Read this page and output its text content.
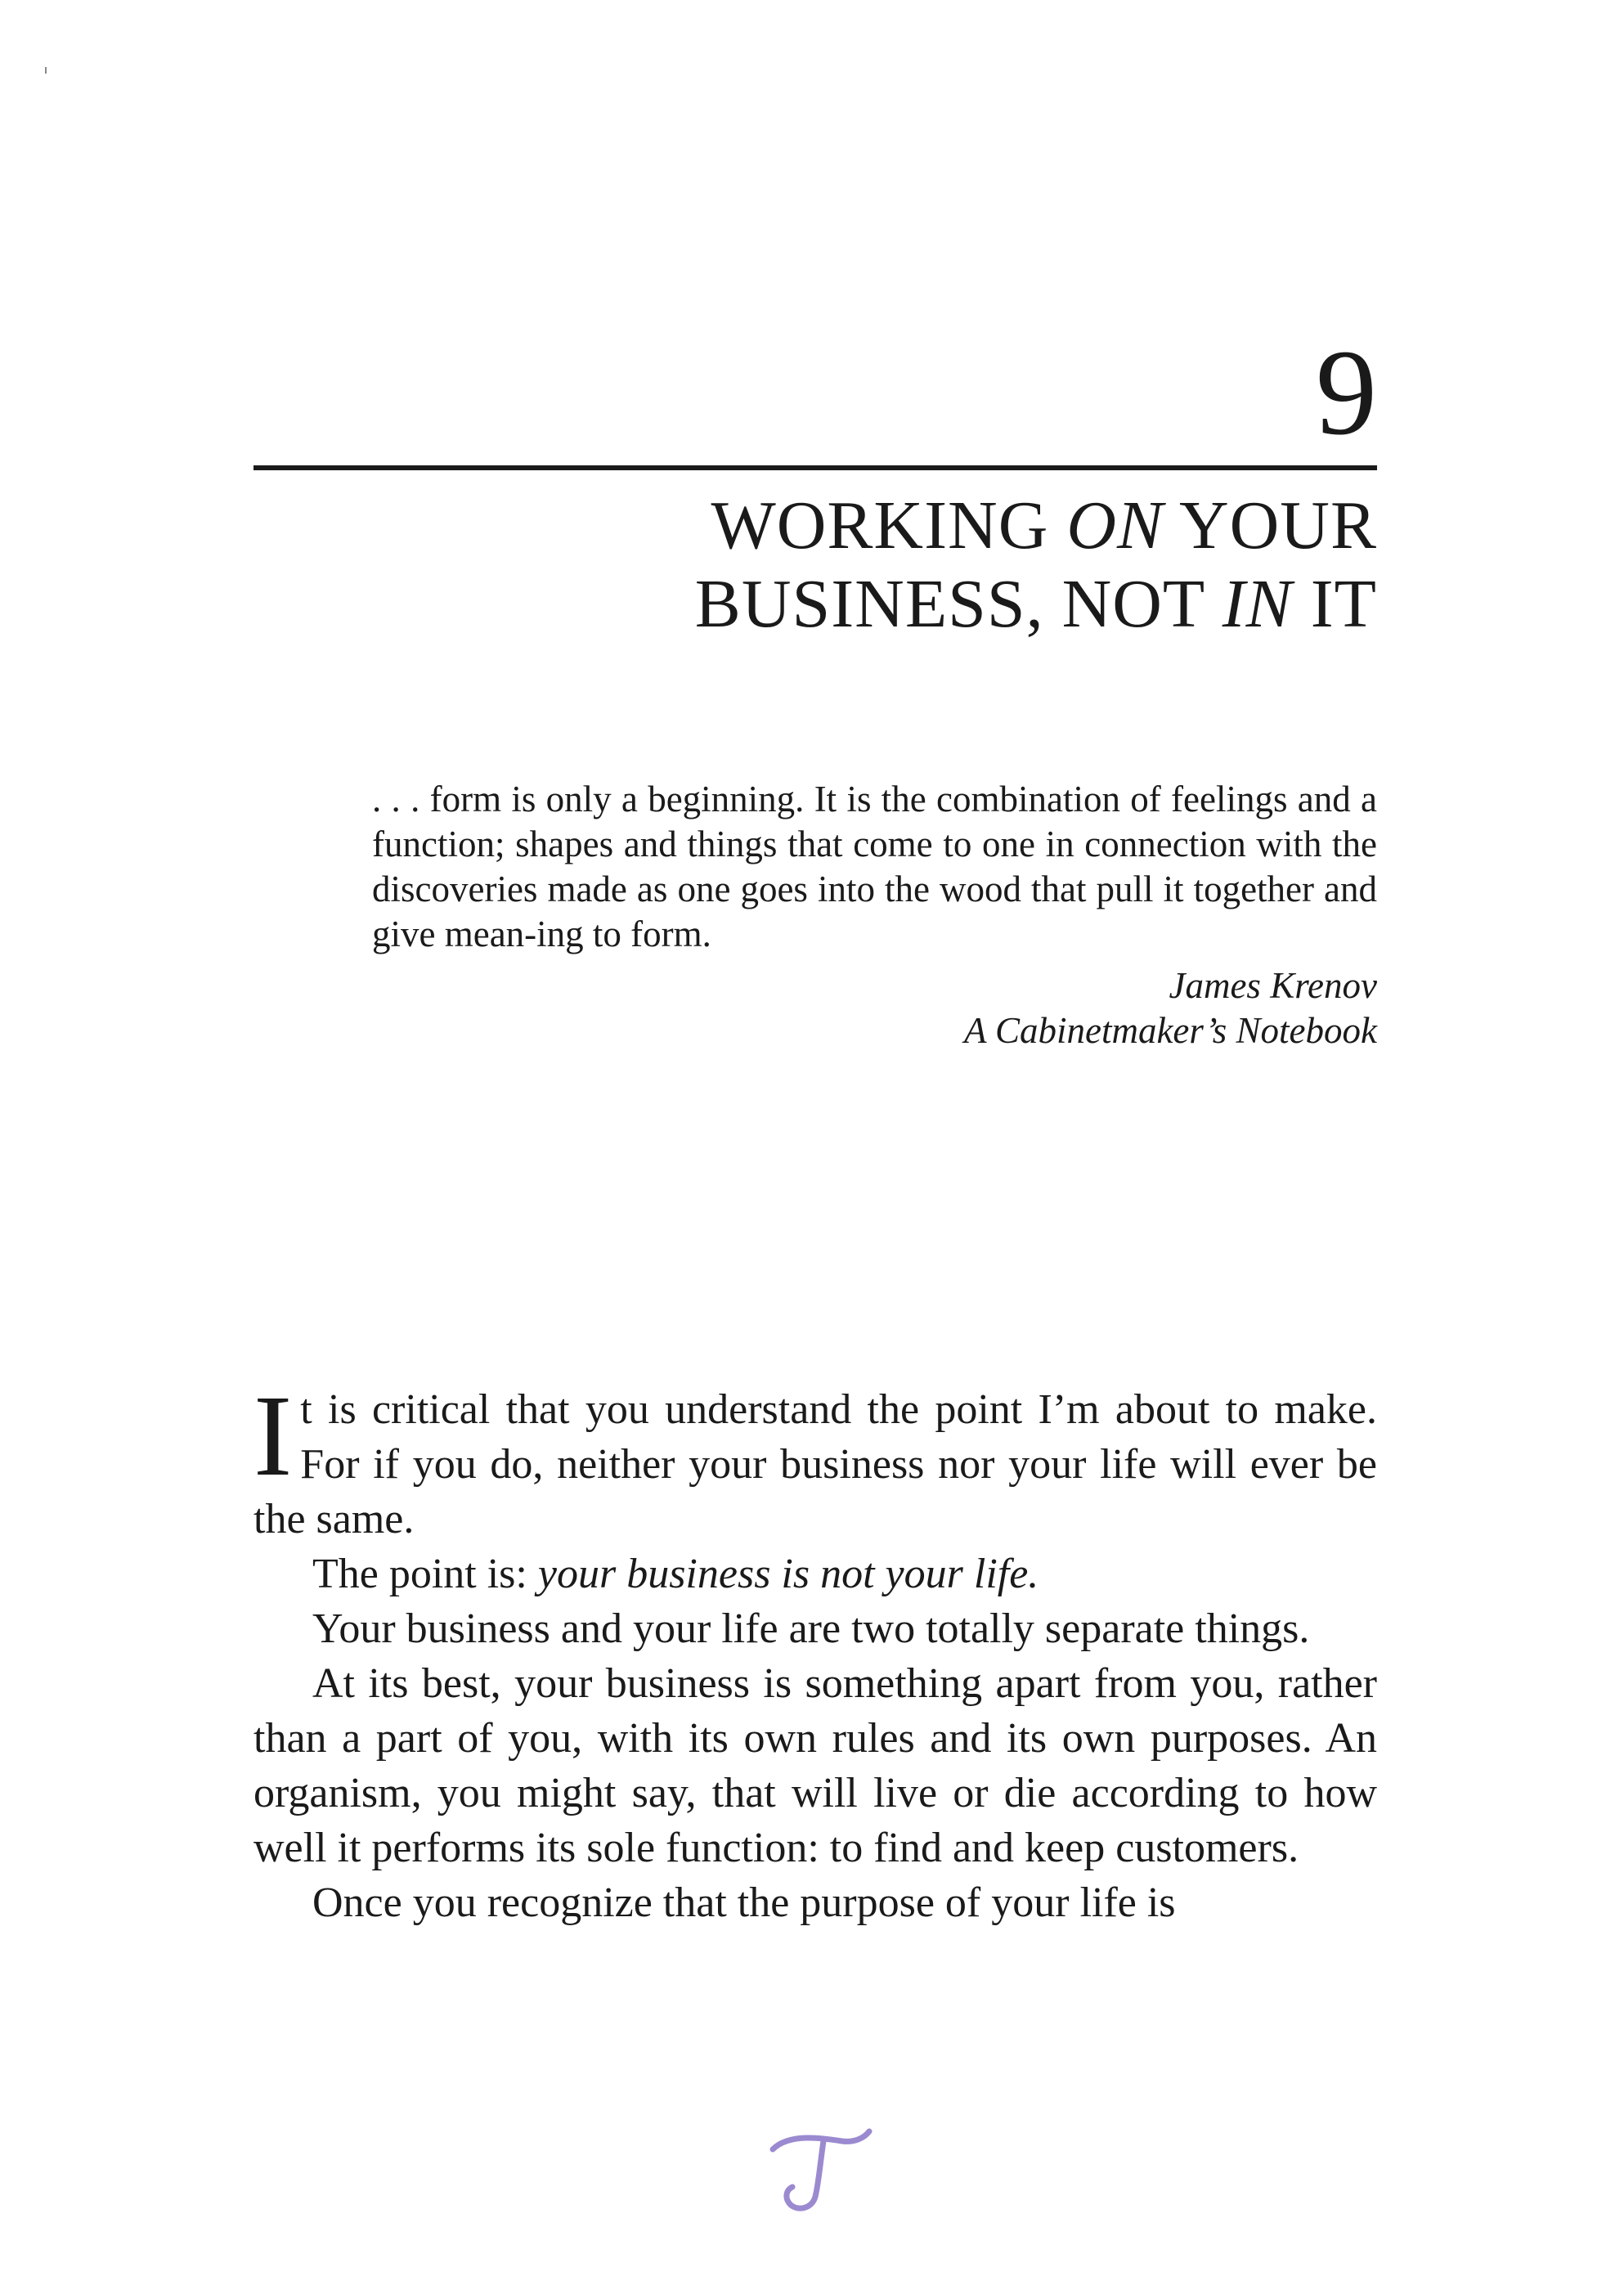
9
WORKING ON YOUR
BUSINESS, NOT IN IT

. . . form is only a beginning. It is the combination of feelings and a function; shapes and things that come to one in connection with the discoveries made as one goes into the wood that pull it together and give mean-ing to form.

James Krenov

A Cabinetmaker’s Notebook

It is critical that you understand the point I’m about to make. For if you do, neither your business nor your life will ever be the same.

The point is: your business is not your life.

Your business and your life are two totally separate things.

At its best, your business is something apart from you, rather than a part of you, with its own rules and its own purposes. An organism, you might say, that will live or die according to how well it performs its sole function: to find and keep customers.

Once you recognize that the purpose of your life is
